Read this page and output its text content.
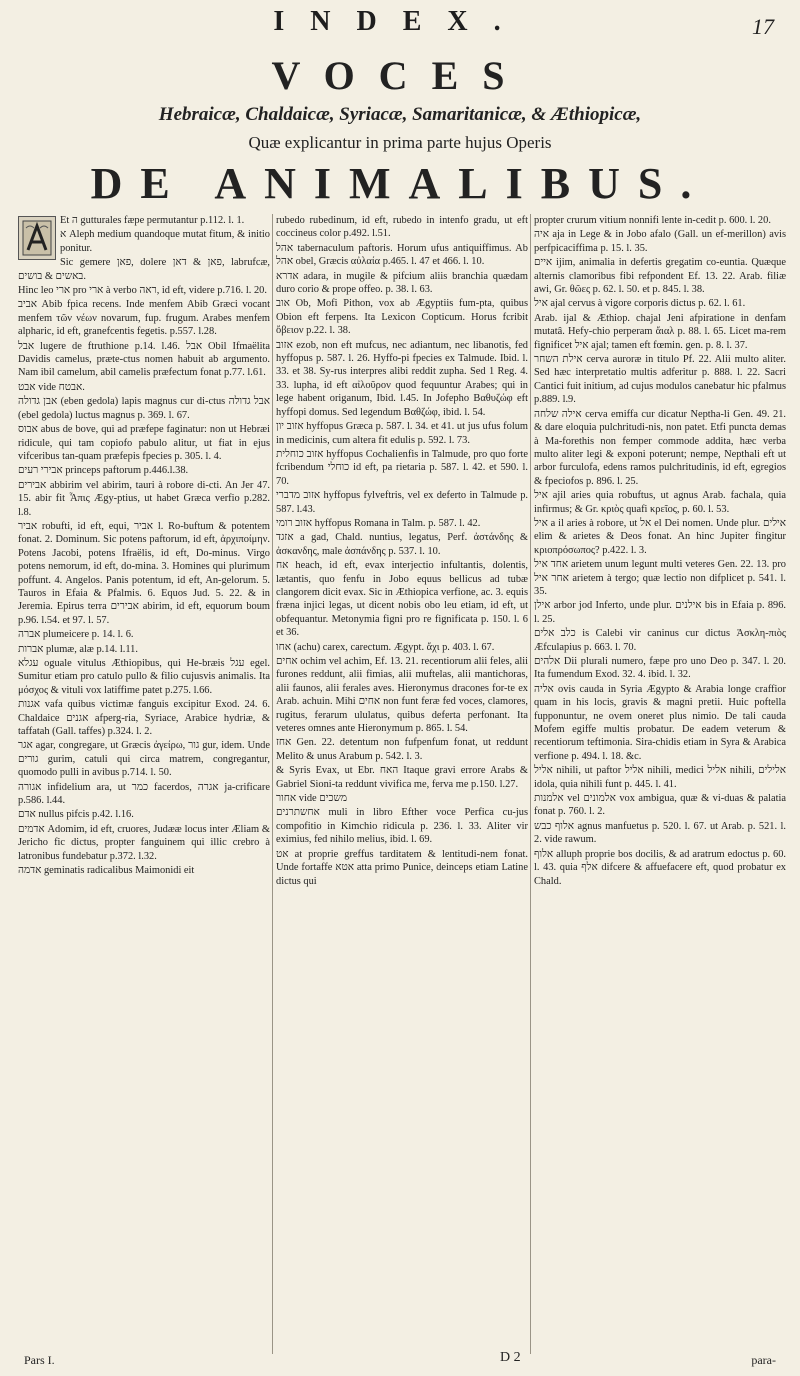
INDEX.	17
VOCES
Hebraicæ, Chaldaicæ, Syriacæ, Samaritanicæ, & Æthiopicæ,
Quæ explicantur in prima parte hujus Operis
DE ANIMALIBUS.

Et ה gutturales fæpe permutantur p.112. l. 1.

א Aleph medium quandoque mutat fitum, & initio ponitur.

Sic gemere פאן, dolere פאן & דאן, labrufcæ, באשים & בושים.

Hinc leo ארי pro ארי à verbo ראה, id eft, videre p.716. l. 20.

אביב Abib fpica recens. Inde menfem Abib Græci vocant menfem τῶν νέων novarum, fup. frugum. Arabes menfem alpharic, id eft, granefcentis fegetis. p.557. l.28.

אבל lugere de ftruthione p.14. l.46. אבל Obil Ifmaëlita Davidis camelus, præte-ctus nomen habuit ab argumento. Nam ibil camelum, abil camelis præfectum fonat p.77. l.61.

אבט vide אבטח.

אבן גדולה (eben gedola) lapis magnus cur di-ctus אבל גדולה (ebel gedola) luctus magnus p. 369. l. 67.

אבוס abus de bove, qui ad præfepe faginatur: non ut Hebræi ridicule, qui tam copiofo pabulo alitur, ut fiat in ejus vifceribus tan-quam præfepis fpecies p. 305. l. 4.

אבירי רעים princeps paftorum p.446.l.38.

אבירים abbirim vel abirim, tauri à robore di-cti. An Jer 47. 15. abir fit Ἆπις Ægy-ptius, ut habet Græca verfio p.282. l.8.

אביר robufti, id eft, equi, אביר l. Ro-buftum & potentem fonat. 2. Dominum. Sic potens paftorum, id eft, ἀρχιποίμην. Potens Jacobi, potens Ifraëlis, id eft, Do-minus. Virgo potens nemorum, id eft, do-mina. 3. Homines qui plurimum poffunt. 4. Angelos. Panis potentum, id eft, An-gelorum. 5. Tauros in Efaia & Pfalmis. 6. Equos Jud. 5. 22. & in Jeremia. Epirus terra אבירים abirim, id eft, equorum boum p.96. l.54. et 97. l. 57.

אברה plumeicere p. 14. l. 6.

אברות plumæ, alæ p.14. l.11.

עגלא oguale vitulus Æthiopibus, qui He-bræis עגל egel. Sumitur etiam pro catulo pullo & filio cujusvis animalis. Ita μόσχος & vituli vox latiffime patet p.275. l.66.

אגנות vafa quibus victimæ fanguis excipitur Exod. 24. 6. Chaldaice אגנים afperg-ria, Syriace, Arabice hydriæ, & taffatah (Gall. taffes) p.324. l. 2.

אגר agar, congregare, ut Græcis ἀγείρω, גור gur, idem. Unde גורים gurim, catuli qui circa matrem, congregantur, quomodo pulli in avibus p.714. l. 50.

אגורה infidelium ara, ut כמר facerdos, אגרה ja-crificare p.586. l.44.

אדם nullus pifcis p.42. l.16.

אדמים Adomim, id eft, cruores, Judææ locus inter Æliam & Jericho fic dictus, propter fanguinem qui illic crebro à latronibus fundebatur p.372. l.32.

אדמה geminatis radicalibus Maimonidi eit

rubedo rubedinum, id eft, rubedo in intenfo gradu, ut eft coccineus color p.492. l.51.

אהל tabernaculum paftoris. Horum ufus antiquiffimus. Ab אהל obel, Græcis αὐλαία p.465. l. 47 et 466. l. 10.

אדרא adara, in mugile & pifcium aliis branchia quædam duro corio & prope offeo. p. 38. l. 63.

אוב Ob, Mofi Pithon, vox ab Ægyptiis fum-pta, quibus Obion eft ferpens. Ita Lexicon Copticum. Horus fcribit ὄβειον p.22. l. 38.

אזוב ezob, non eft mufcus, nec adiantum, nec libanotis, fed hyffopus p. 587. l. 26. Hyffo-pi fpecies ex Talmude. Ibid. l. 33. et 38. Sy-rus interpres alibi reddit zupha. Sed 1 Reg. 4. 33. lupha, id eft αἰλοῦρον quod fequuntur Arabes; qui in lege habent origanum, Ibid. l.45. In Jofepho Βαθυζώφ eft hyffopi domus. Sed legendum Βαθζώφ, ibid. l. 54.

אזוב יון hyffopus Græca p. 587. l. 34. et 41. ut jus ufus folum in medicinis, cum altera fit edulis p. 592. l. 73.

אזוב כוחלית hyffopus Cochalienfis in Talmude, pro quo forte fcribendum כוחלי id eft, pa rietaria p. 587. l. 42. et 590. l. 70.

אזוב מדברי hyffopus fylveftris, vel ex deferto in Talmude p. 587. l.43.

אזוב רומי hyffopus Romana in Talm. p. 587. l. 42.

אזגד a gad, Chald. nuntius, legatus, Perf. ἀστάνδης & ἀσκανδης, male ἀσπάνδης p. 537. l. 10.

אח heach, id eft, evax interjectio infultantis, dolentis, lætantis, quo fenfu in Jobo equus bellicus ad tubæ clangorem dicit evax. Sic in Æthiopica verfione, ac. 3. equis fræna injici legas, ut dicent nobis obo leu etiam, id eft, ut obfequantur. Metonymia figni pro re fignificata p. 150. l. 6 et 36.

אחו (achu) carex, carectum. Ægypt. ἄχι p. 403. l. 67.

אחים ochim vel achim, Ef. 13. 21. recentiorum alii feles, alii furones reddunt, alii fimias, alii muftelas, alii mantichoras, alii faunos, alii ferales aves. Hieronymus dracones for-te ex Arab. achuin. Mihi אחים non funt feræ fed voces, clamores, rugitus, ferarum ululatus, quibus deferta perfonant. Ita veteres omnes ante Hieronymum p. 865. l. 54.

אחז Gen. 22. detentum non fufpenfum fonat, ut reddunt Melito & unus Arabum p. 542. l. 3.

& Syris Evax, ut Ebr. האח Itaque gravi errore Arabs & Gabriel Sioni-ta reddunt vivifica me, ferva me p.150. l.27.

אחור vide משכים

אחשתרנים muli in libro Efther voce Perfica cu-jus compofitio in Kimchio ridicula p. 236. l. 33. Aliter vir eximius, fed nihilo melius, ibid. l. 69.

אט at proprie greffus tarditatem & lentitudi-nem fonat. Unde fortaffe אטא atta primo Punice, deinceps etiam Latine dictus qui

propter crurum vitium nonnifi lente in-cedit p. 600. l. 20.

איה aja in Lege & in Jobo afalo (Gall. un ef-merillon) avis perfpicaciffima p. 15. l. 35.

איים ijim, animalia in defertis gregatim co-euntia. Quæque alternis clamoribus fibi refpondent Ef. 13. 22. Arab. filiæ awi, Gr. θῶες p. 62. l. 50. et p. 845. l. 38.

איל ajal cervus à vigore corporis dictus p. 62. l. 61.

Arab. ijal & Æthiop. chajal Jeni afpiratione in denfam mutatâ. Hefy-chio perperam ἄιαλ p. 88. l. 65. Licet ma-rem fignificet איל ajal; tamen eft fœmin. gen. p. 8. l. 37.

אילת השחר cerva auroræ in titulo Pf. 22. Alii multo aliter. Sed hæc interpretatio multis adferitur p. 888. l. 22. Sacri Cantici fuit initium, ad cujus modulos canebatur hic pfalmus p.889. l.9.

אילה שלחה cerva emiffa cur dicatur Neptha-li Gen. 49. 21. & dare eloquia pulchritudi-nis, non patet. Etfi puncta demas à Ma-forethis non femper commode addita, hæc verba multo aliter legi & exponi poterunt; nempe, Nepthali eft ut arbor furculofa, edens ramos pulchritudinis, id eft, egregios & fpeciofos p. 896. l. 25.

איל ajil aries quia robuftus, ut agnus Arab. fachala, quia infirmus; & Gr. κριὸς quafi κρεῖος, p. 60. l. 53.

איל a il aries à robore, ut אל el Dei nomen. Unde plur. אילים elim & arietes & Deos fonat. An hinc Jupiter fingitur κριοπρόσωπος? p.422. l. 3.

אחד איל arietem unum legunt multi veteres Gen. 22. 13. pro אחר איל arietem à tergo; quæ lectio non difplicet p. 541. l. 35.

אילן arbor jod Inferto, unde plur. אילנים bis in Efaia p. 896. l. 25.

כלב אלים is Calebi vir caninus cur dictus Ἀσκλη-πιὸς Æfculapius p. 663. l. 70.

אלהים Dii plurali numero, fæpe pro uno Deo p. 347. l. 20. Ita fumendum Exod. 32. 4. ibid. l. 32.

אליה ovis cauda in Syria Ægypto & Arabia longe craffior quam in his locis, gravis & magni pretii. Huic poftella fupponuntur, ne ovem oneret plus nimio. De tali cauda Mofem egiffe multis probatur. De eadem veterum & recentiorum teftimonia. Sira-chidis etiam in Syra & Arabica verfione p. 494. l. 18. &c.

אליל nihili, ut paftor אליל nihili, medici אליל nihili, אלילים idola, quia nihili funt p. 445. l. 41.

אלמנות vel אלמונים vox ambigua, quæ & vi-duas & palatia fonat p. 760. l. 2.

אלוף כבש agnus manfuetus p. 520. l. 67. ut Arab. p. 521. l. 2. vide rawum.

אלוף alluph proprie bos docilis, & ad aratrum edoctus p. 60. l. 43. quia אלף difcere & affuefacere eft, quod probatur ex Chald.

Pars I.	D 2	para-
